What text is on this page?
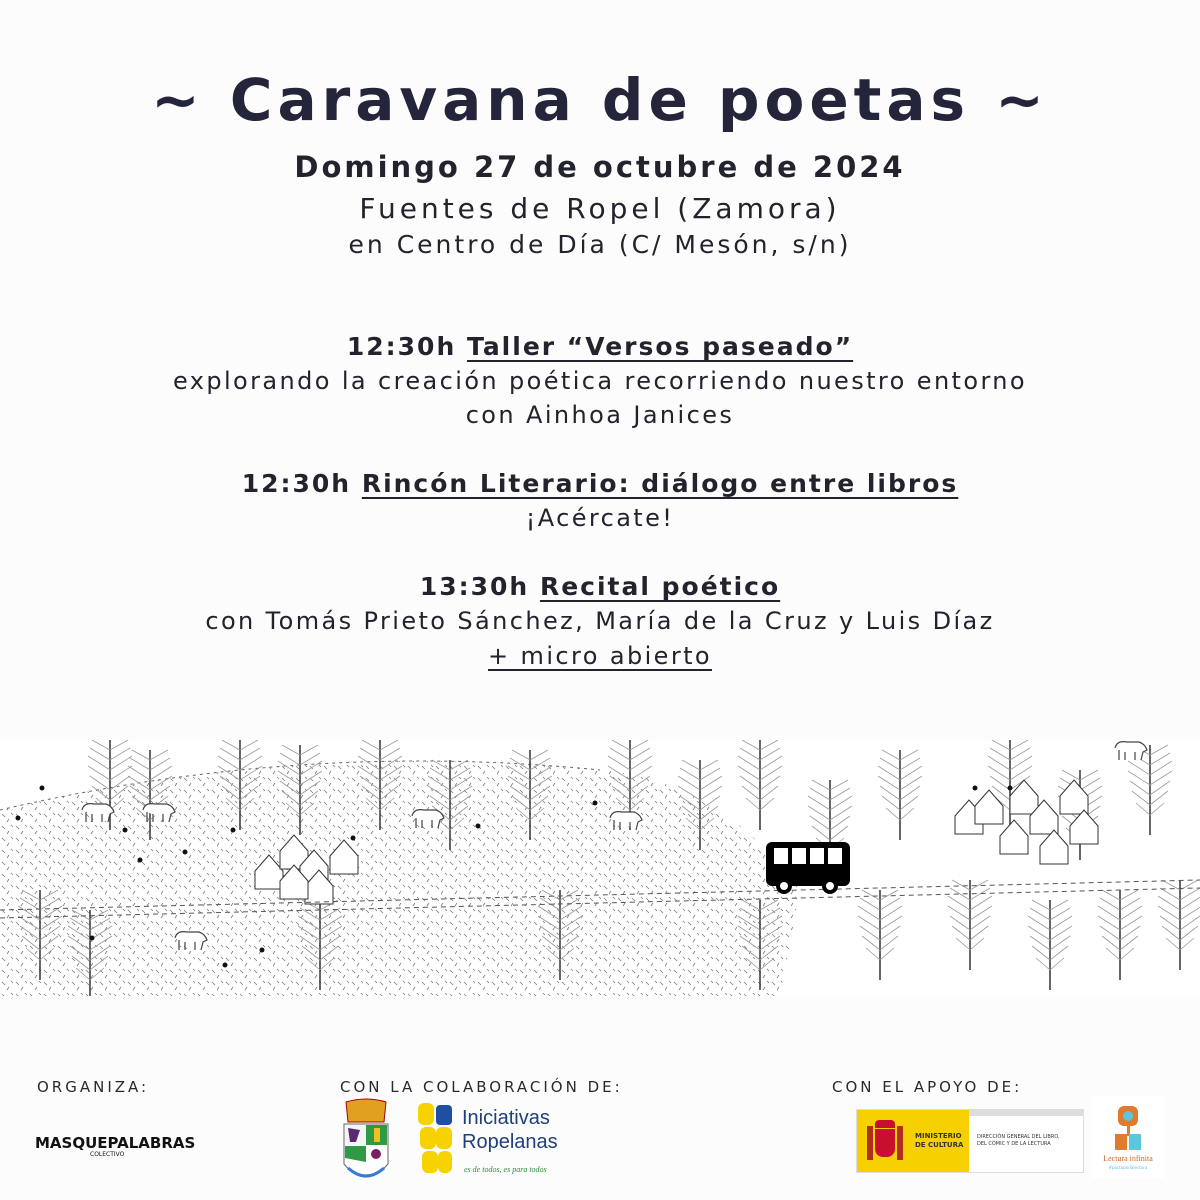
~ Caravana de poetas ~
Domingo 27 de octubre de 2024
Fuentes de Ropel (Zamora)
en Centro de Día (C/ Mesón, s/n)
12:30h Taller “Versos paseado”
explorando la creación poética recorriendo nuestro entorno
con Ainhoa Janices
12:30h Rincón Literario: diálogo entre libros
¡Acércate!
13:30h Recital poético
con Tomás Prieto Sánchez, María de la Cruz y Luis Díaz
+ micro abierto
ORGANIZA:
MASQUEPALABRAS
COLECTIVO
CON LA COLABORACIÓN DE:
Iniciativas
Ropelanas
es de todos, es para todos
CON EL APOYO DE:
MINISTERIO
DE CULTURA
DIRECCIÓN GENERAL DEL LIBRO,
DEL CÓMIC Y DE LA LECTURA
Lectura infinita
#pactoporlalectura
